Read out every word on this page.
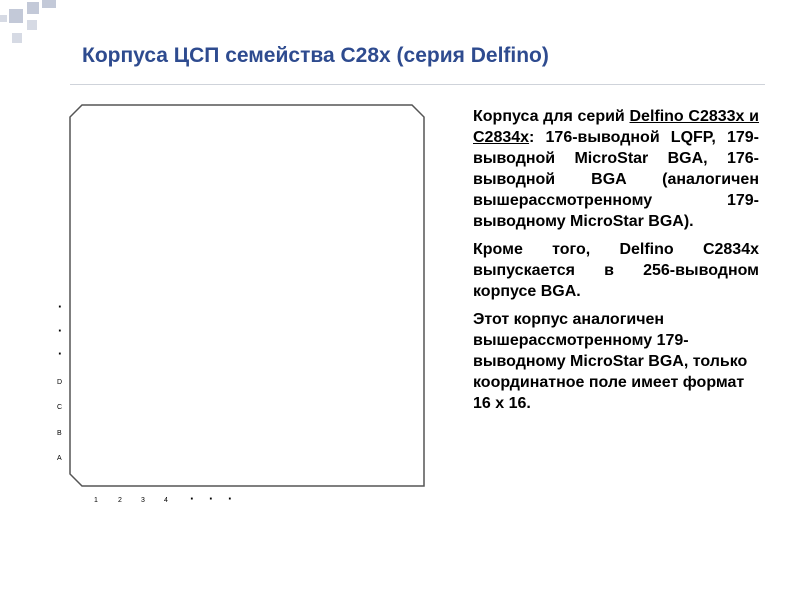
Корпуса ЦСП семейства C28x (серия Delfino)
·
·
·
D
C
B
A
1	2	3	4 · · ·

Корпуса для серий Delfino C2833x и C2834x: 176-выводной LQFP, 179-выводной MicroStar BGA, 176-выводной BGA (аналогичен вышерассмотренному 179-выводному MicroStar BGA).

Кроме того, Delfino C2834x выпускается в 256-выводном корпусе BGA.

Этот корпус аналогичен вышерассмотренному 179-выводному MicroStar BGA, только координатное поле имеет формат 16 х 16.
